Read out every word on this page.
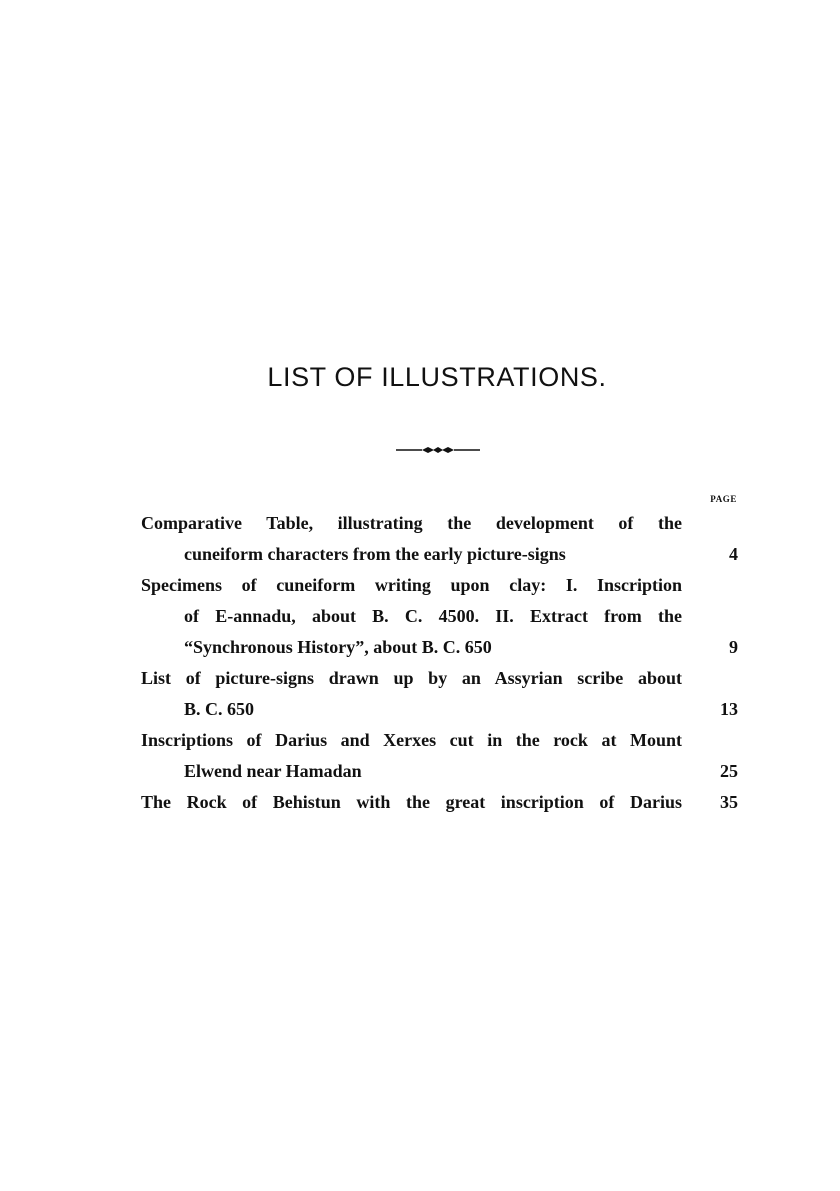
LIST OF ILLUSTRATIONS.
PAGE
Comparative Table, illustrating the development of the
cuneiform characters from the early picture-signs	4
Specimens of cuneiform writing upon clay: I. Inscription
of E-annadu, about B. C. 4500. II. Extract from the
“Synchronous History”, about B. C. 650	9
List of picture-signs drawn up by an Assyrian scribe about
B. C. 650	13
Inscriptions of Darius and Xerxes cut in the rock at Mount
Elwend near Hamadan	25
The Rock of Behistun with the great inscription of Darius 35
